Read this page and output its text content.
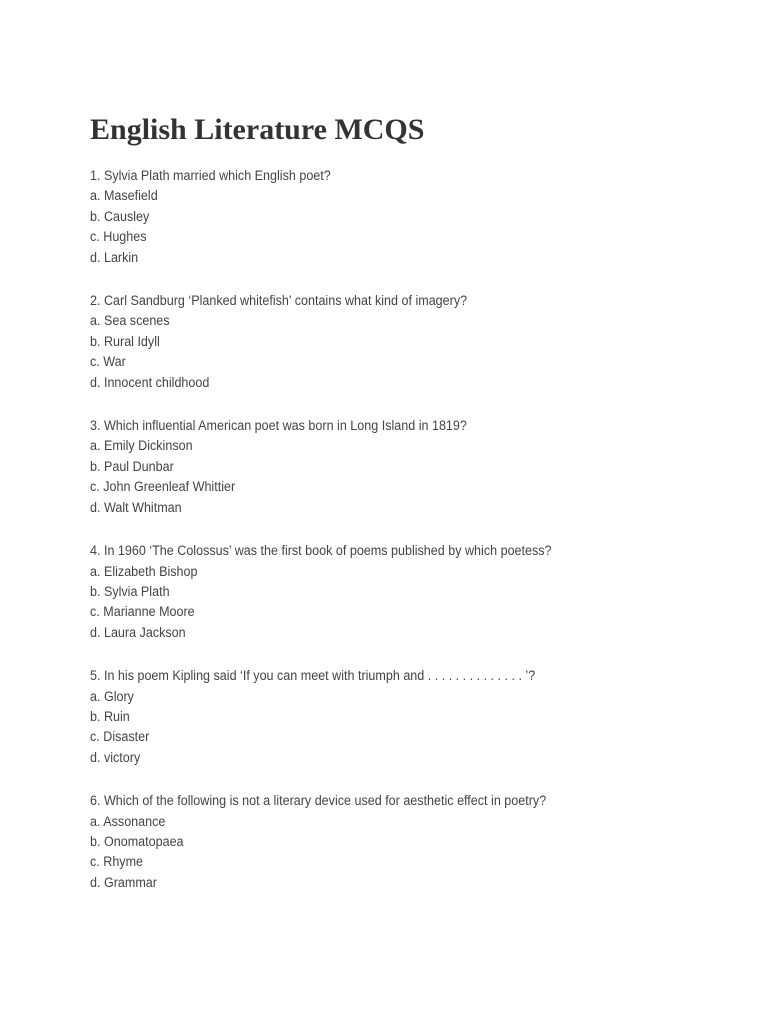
English Literature MCQS
1. Sylvia Plath married which English poet?
a. Masefield
b. Causley
c. Hughes
d. Larkin
2. Carl Sandburg ‘Planked whitefish’ contains what kind of imagery?
a. Sea scenes
b. Rural Idyll
c. War
d. Innocent childhood
3. Which influential American poet was born in Long Island in 1819?
a. Emily Dickinson
b. Paul Dunbar
c. John Greenleaf Whittier
d. Walt Whitman
4. In 1960 ‘The Colossus’ was the first book of poems published by which poetess?
a. Elizabeth Bishop
b. Sylvia Plath
c. Marianne Moore
d. Laura Jackson
5. In his poem Kipling said ‘If you can meet with triumph and . . . . . . . . . . . . . . ’?
a. Glory
b. Ruin
c. Disaster
d. victory
6. Which of the following is not a literary device used for aesthetic effect in poetry?
a. Assonance
b. Onomatopaea
c. Rhyme
d. Grammar
